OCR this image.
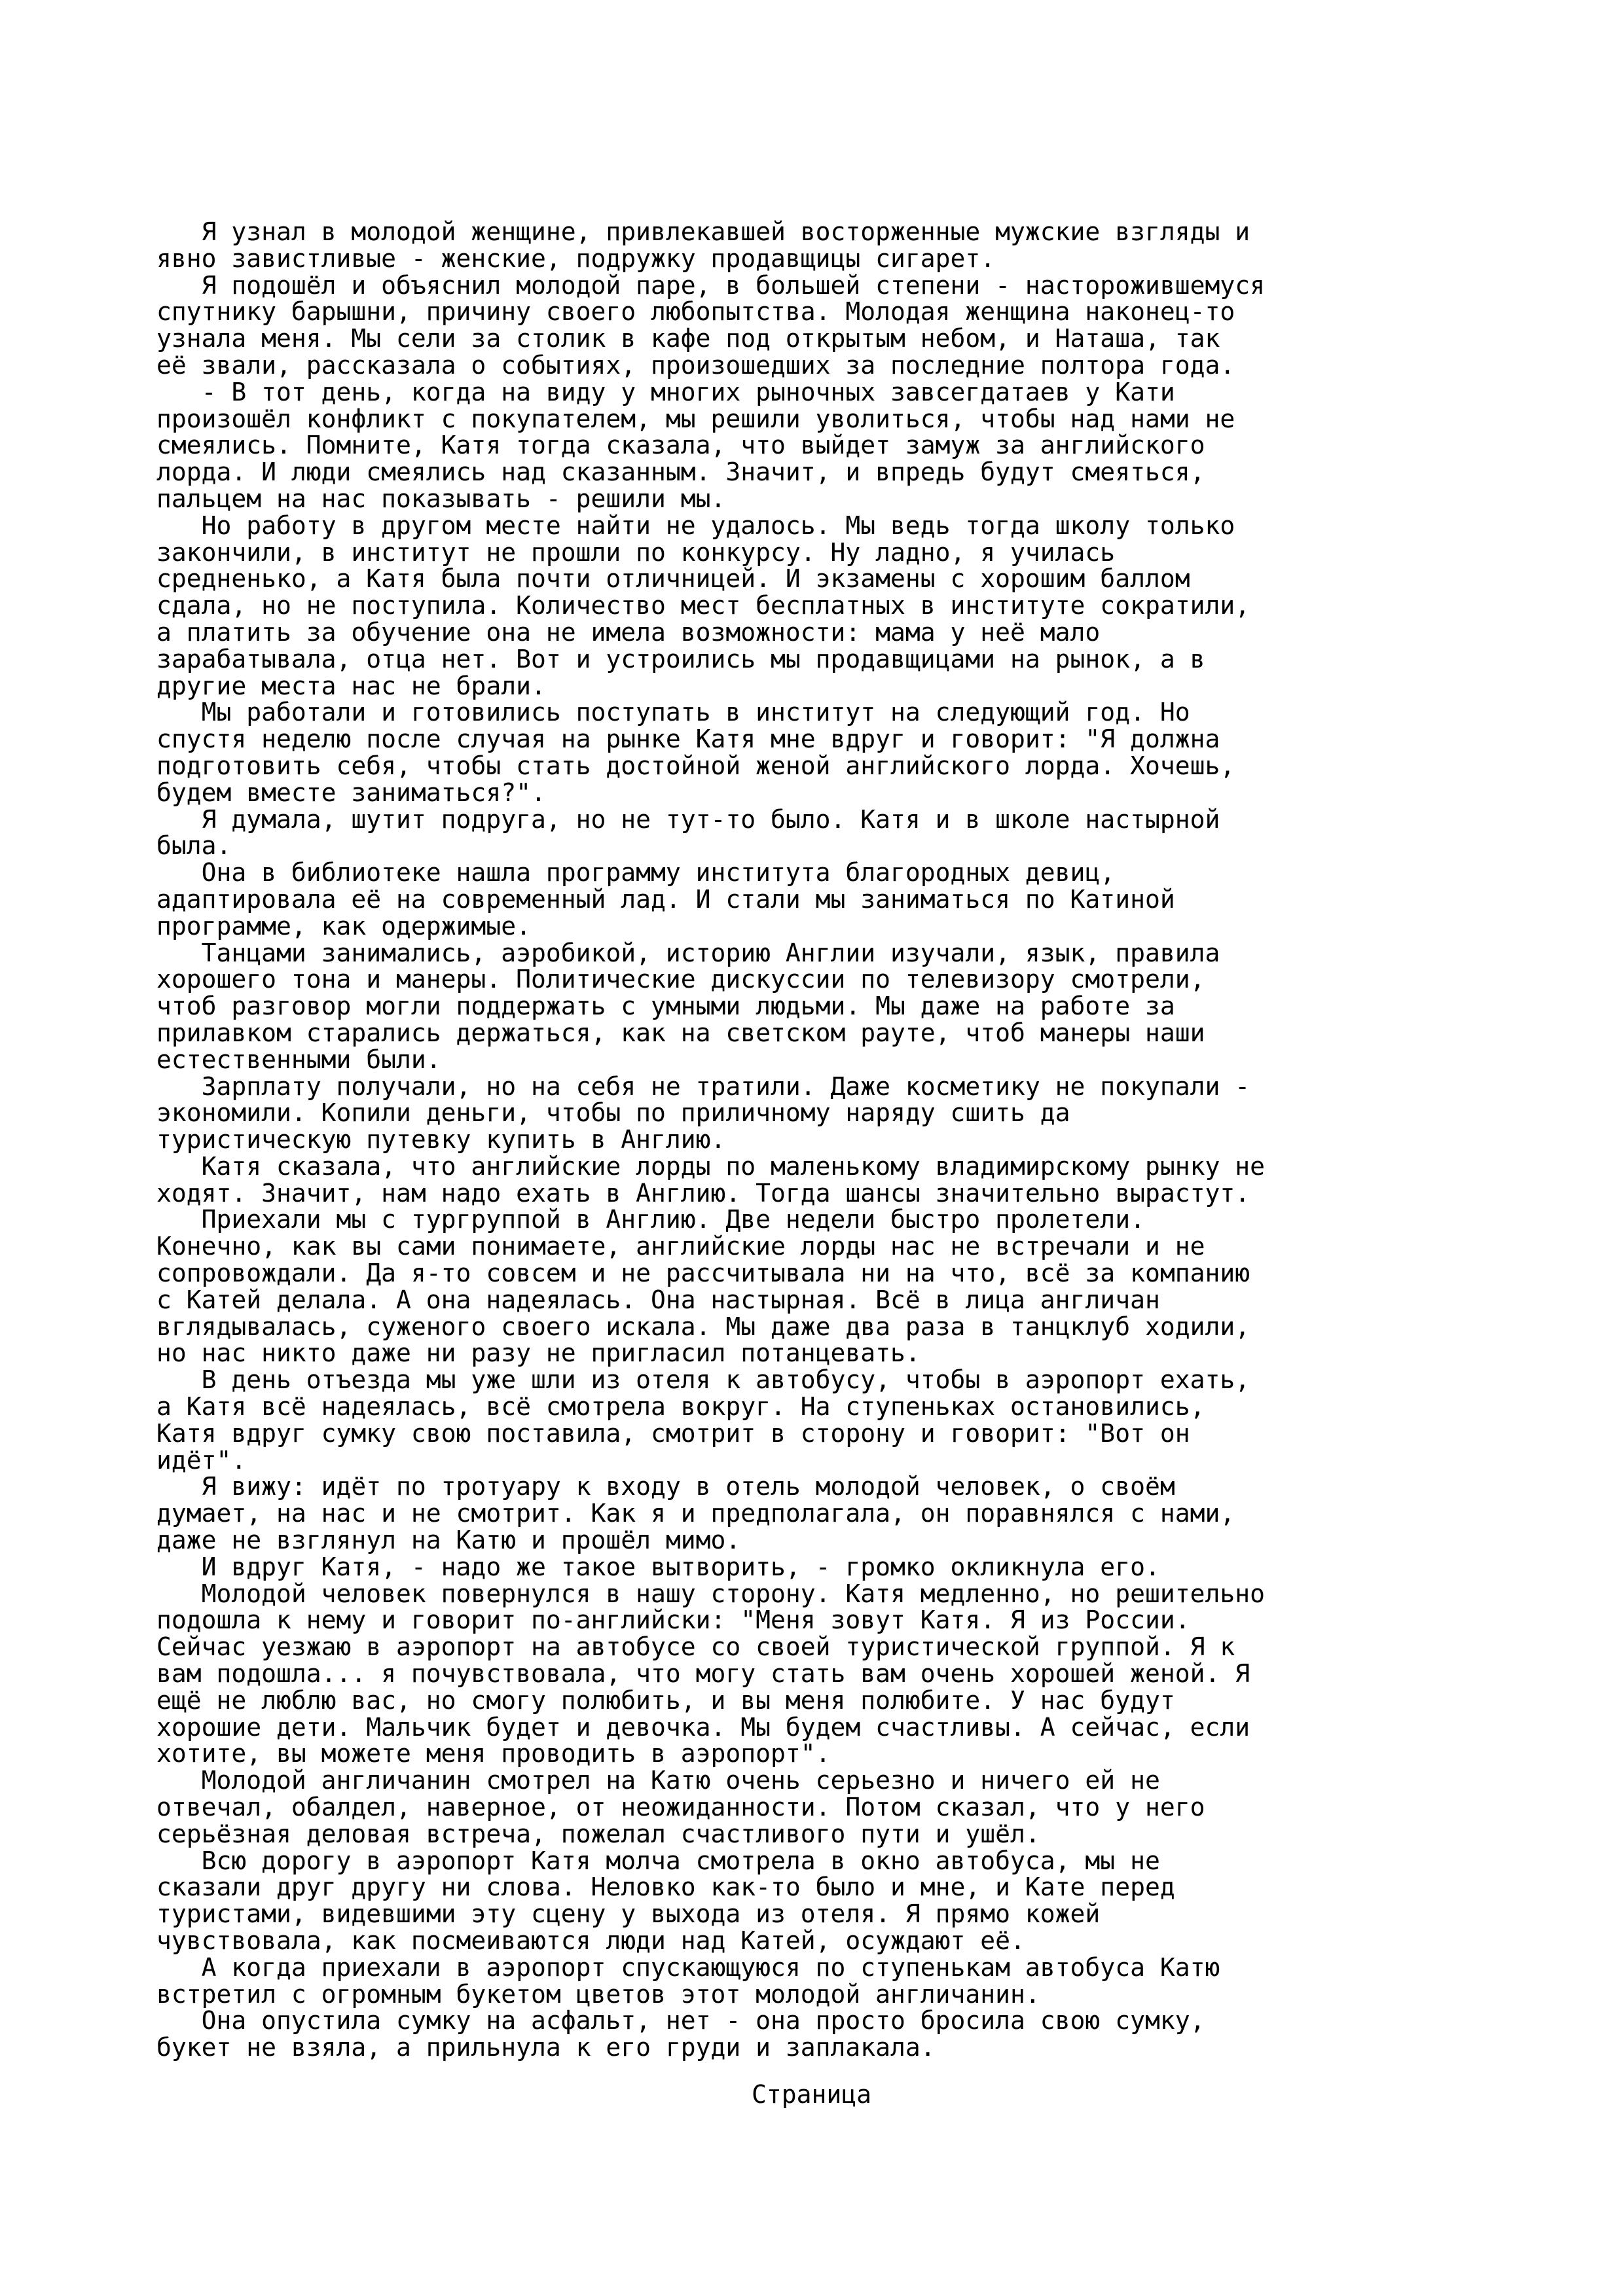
Я узнал в молодой женщине, привлекавшей восторженные мужские взгляды и
явно завистливые - женские, подружку продавщицы сигарет.
Я подошёл и объяснил молодой паре, в большей степени - насторожившемуся
спутнику барышни, причину своего любопытства. Молодая женщина наконец-то
узнала меня. Мы сели за столик в кафе под открытым небом, и Наташа, так
её звали, рассказала о событиях, произошедших за последние полтора года.
- В тот день, когда на виду у многих рыночных завсегдатаев у Кати
произошёл конфликт с покупателем, мы решили уволиться, чтобы над нами не
смеялись. Помните, Катя тогда сказала, что выйдет замуж за английского
лорда. И люди смеялись над сказанным. Значит, и впредь будут смеяться,
пальцем на нас показывать - решили мы.
Но работу в другом месте найти не удалось. Мы ведь тогда школу только
закончили, в институт не прошли по конкурсу. Ну ладно, я училась
средненько, а Катя была почти отличницей. И экзамены с хорошим баллом
сдала, но не поступила. Количество мест бесплатных в институте сократили,
а платить за обучение она не имела возможности: мама у неё мало
зарабатывала, отца нет. Вот и устроились мы продавщицами на рынок, а в
другие места нас не брали.
Мы работали и готовились поступать в институт на следующий год. Но
спустя неделю после случая на рынке Катя мне вдруг и говорит: "Я должна
подготовить себя, чтобы стать достойной женой английского лорда. Хочешь,
будем вместе заниматься?".
Я думала, шутит подруга, но не тут-то было. Катя и в школе настырной
была.
Она в библиотеке нашла программу института благородных девиц,
адаптировала её на современный лад. И стали мы заниматься по Катиной
программе, как одержимые.
Танцами занимались, аэробикой, историю Англии изучали, язык, правила
хорошего тона и манеры. Политические дискуссии по телевизору смотрели,
чтоб разговор могли поддержать с умными людьми. Мы даже на работе за
прилавком старались держаться, как на светском рауте, чтоб манеры наши
естественными были.
Зарплату получали, но на себя не тратили. Даже косметику не покупали -
экономили. Копили деньги, чтобы по приличному наряду сшить да
туристическую путевку купить в Англию.
Катя сказала, что английские лорды по маленькому владимирскому рынку не
ходят. Значит, нам надо ехать в Англию. Тогда шансы значительно вырастут.
Приехали мы с тургруппой в Англию. Две недели быстро пролетели.
Конечно, как вы сами понимаете, английские лорды нас не встречали и не
сопровождали. Да я-то совсем и не рассчитывала ни на что, всё за компанию
с Катей делала. А она надеялась. Она настырная. Всё в лица англичан
вглядывалась, суженого своего искала. Мы даже два раза в танцклуб ходили,
но нас никто даже ни разу не пригласил потанцевать.
В день отъезда мы уже шли из отеля к автобусу, чтобы в аэропорт ехать,
а Катя всё надеялась, всё смотрела вокруг. На ступеньках остановились,
Катя вдруг сумку свою поставила, смотрит в сторону и говорит: "Вот он
идёт".
Я вижу: идёт по тротуару к входу в отель молодой человек, о своём
думает, на нас и не смотрит. Как я и предполагала, он поравнялся с нами,
даже не взглянул на Катю и прошёл мимо.
И вдруг Катя, - надо же такое вытворить, - громко окликнула его.
Молодой человек повернулся в нашу сторону. Катя медленно, но решительно
подошла к нему и говорит по-английски: "Меня зовут Катя. Я из России.
Сейчас уезжаю в аэропорт на автобусе со своей туристической группой. Я к
вам подошла... я почувствовала, что могу стать вам очень хорошей женой. Я
ещё не люблю вас, но смогу полюбить, и вы меня полюбите. У нас будут
хорошие дети. Мальчик будет и девочка. Мы будем счастливы. А сейчас, если
хотите, вы можете меня проводить в аэропорт".
Молодой англичанин смотрел на Катю очень серьезно и ничего ей не
отвечал, обалдел, наверное, от неожиданности. Потом сказал, что у него
серьёзная деловая встреча, пожелал счастливого пути и ушёл.
Всю дорогу в аэропорт Катя молча смотрела в окно автобуса, мы не
сказали друг другу ни слова. Неловко как-то было и мне, и Кате перед
туристами, видевшими эту сцену у выхода из отеля. Я прямо кожей
чувствовала, как посмеиваются люди над Катей, осуждают её.
А когда приехали в аэропорт спускающуюся по ступенькам автобуса Катю
встретил с огромным букетом цветов этот молодой англичанин.
Она опустила сумку на асфальт, нет - она просто бросила свою сумку,
букет не взяла, а прильнула к его груди и заплакала.
Страница
